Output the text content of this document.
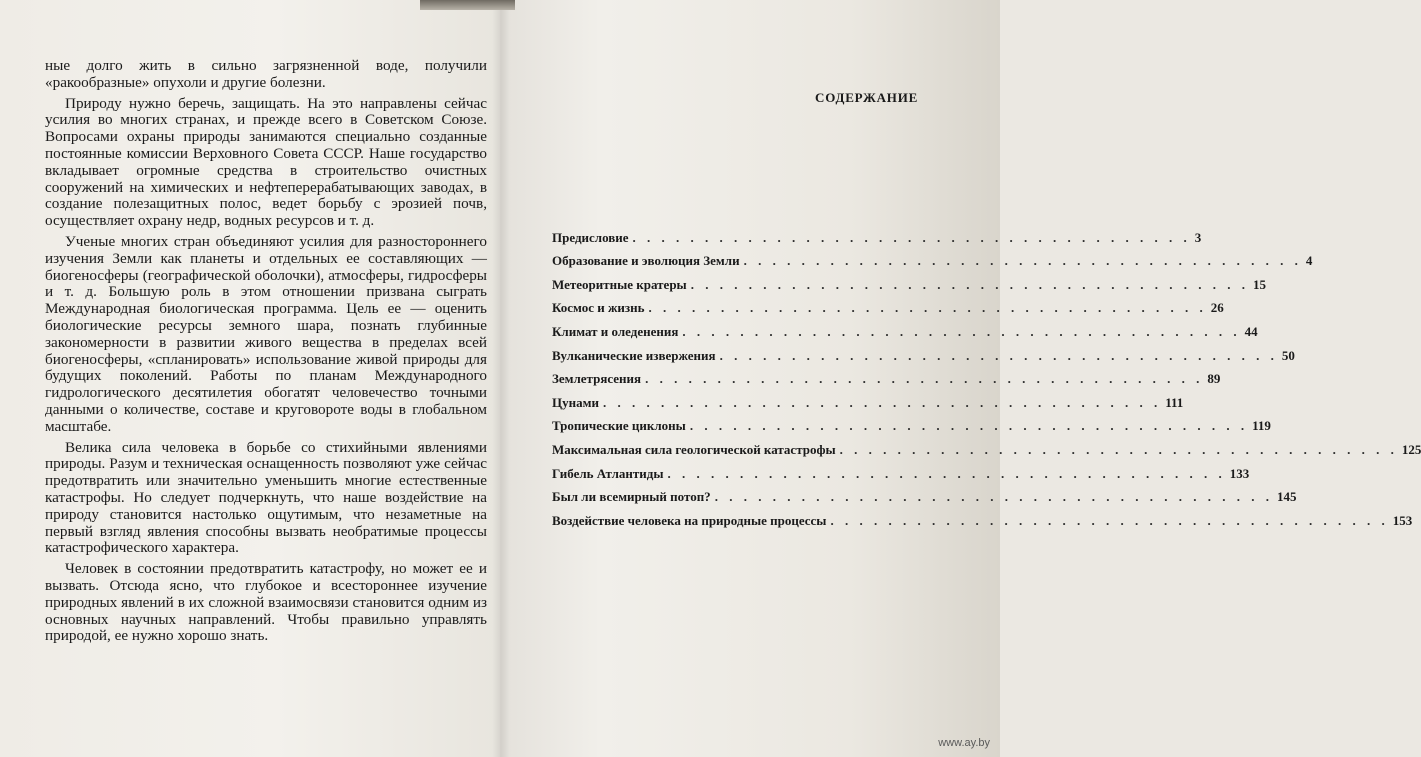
ные долго жить в сильно загрязненной воде, получили «ракообразные» опухоли и другие болезни.

Природу нужно беречь, защищать. На это направлены сейчас усилия во многих странах, и прежде всего в Советском Союзе. Вопросами охраны природы занимаются специально созданные постоянные комиссии Верховного Совета СССР. Наше государство вкладывает огромные средства в строительство очистных сооружений на химических и нефтеперерабатывающих заводах, в создание полезащитных полос, ведет борьбу с эрозией почв, осуществляет охрану недр, водных ресурсов и т. д.

Ученые многих стран объединяют усилия для разностороннего изучения Земли как планеты и отдельных ее составляющих — биогеносферы (географической оболочки), атмосферы, гидросферы и т. д. Большую роль в этом отношении призвана сыграть Международная биологическая программа. Цель ее — оценить биологические ресурсы земного шара, познать глубинные закономерности в развитии живого вещества в пределах всей биогеносферы, «спланировать» использование живой природы для будущих поколений. Работы по планам Международного гидрологического десятилетия обогатят человечество точными данными о количестве, составе и круговороте воды в глобальном масштабе.

Велика сила человека в борьбе со стихийными явлениями природы. Разум и техническая оснащенность позволяют уже сейчас предотвратить или значительно уменьшить многие естественные катастрофы. Но следует подчеркнуть, что наше воздействие на природу становится настолько ощутимым, что незаметные на первый взгляд явления способны вызвать необратимые процессы катастрофического характера.

Человек в состоянии предотвратить катастрофу, но может ее и вызвать. Отсюда ясно, что глубокое и всестороннее изучение природных явлений в их сложной взаимосвязи становится одним из основных научных направлений. Чтобы правильно управлять природой, ее нужно хорошо знать.

СОДЕРЖАНИЕ
Предисловие . . . . . . . . . . . . . . . . . . . . . . . . . . . . . . . . . . . . . . . 3
Образование и эволюция Земли . . . . . . . . . . . . . . . . . . . . . . . . . . . . . . . . . . . . . . . 4
Метеоритные кратеры . . . . . . . . . . . . . . . . . . . . . . . . . . . . . . . . . . . . . . . 15
Космос и жизнь . . . . . . . . . . . . . . . . . . . . . . . . . . . . . . . . . . . . . . . 26
Климат и оледенения . . . . . . . . . . . . . . . . . . . . . . . . . . . . . . . . . . . . . . . 44
Вулканические извержения . . . . . . . . . . . . . . . . . . . . . . . . . . . . . . . . . . . . . . . 50
Землетрясения . . . . . . . . . . . . . . . . . . . . . . . . . . . . . . . . . . . . . . . 89
Цунами . . . . . . . . . . . . . . . . . . . . . . . . . . . . . . . . . . . . . . . 111
Тропические циклоны . . . . . . . . . . . . . . . . . . . . . . . . . . . . . . . . . . . . . . . 119
Максимальная сила геологической катастрофы . . . . . . . . . . . . . . . . . . . . . . . . . . . . . . . . . . . . . . . 125
Гибель Атлантиды . . . . . . . . . . . . . . . . . . . . . . . . . . . . . . . . . . . . . . . 133
Был ли всемирный потоп? . . . . . . . . . . . . . . . . . . . . . . . . . . . . . . . . . . . . . . . 145
Воздействие человека на природные процессы . . . . . . . . . . . . . . . . . . . . . . . . . . . . . . . . . . . . . . . 153
www.ay.by
